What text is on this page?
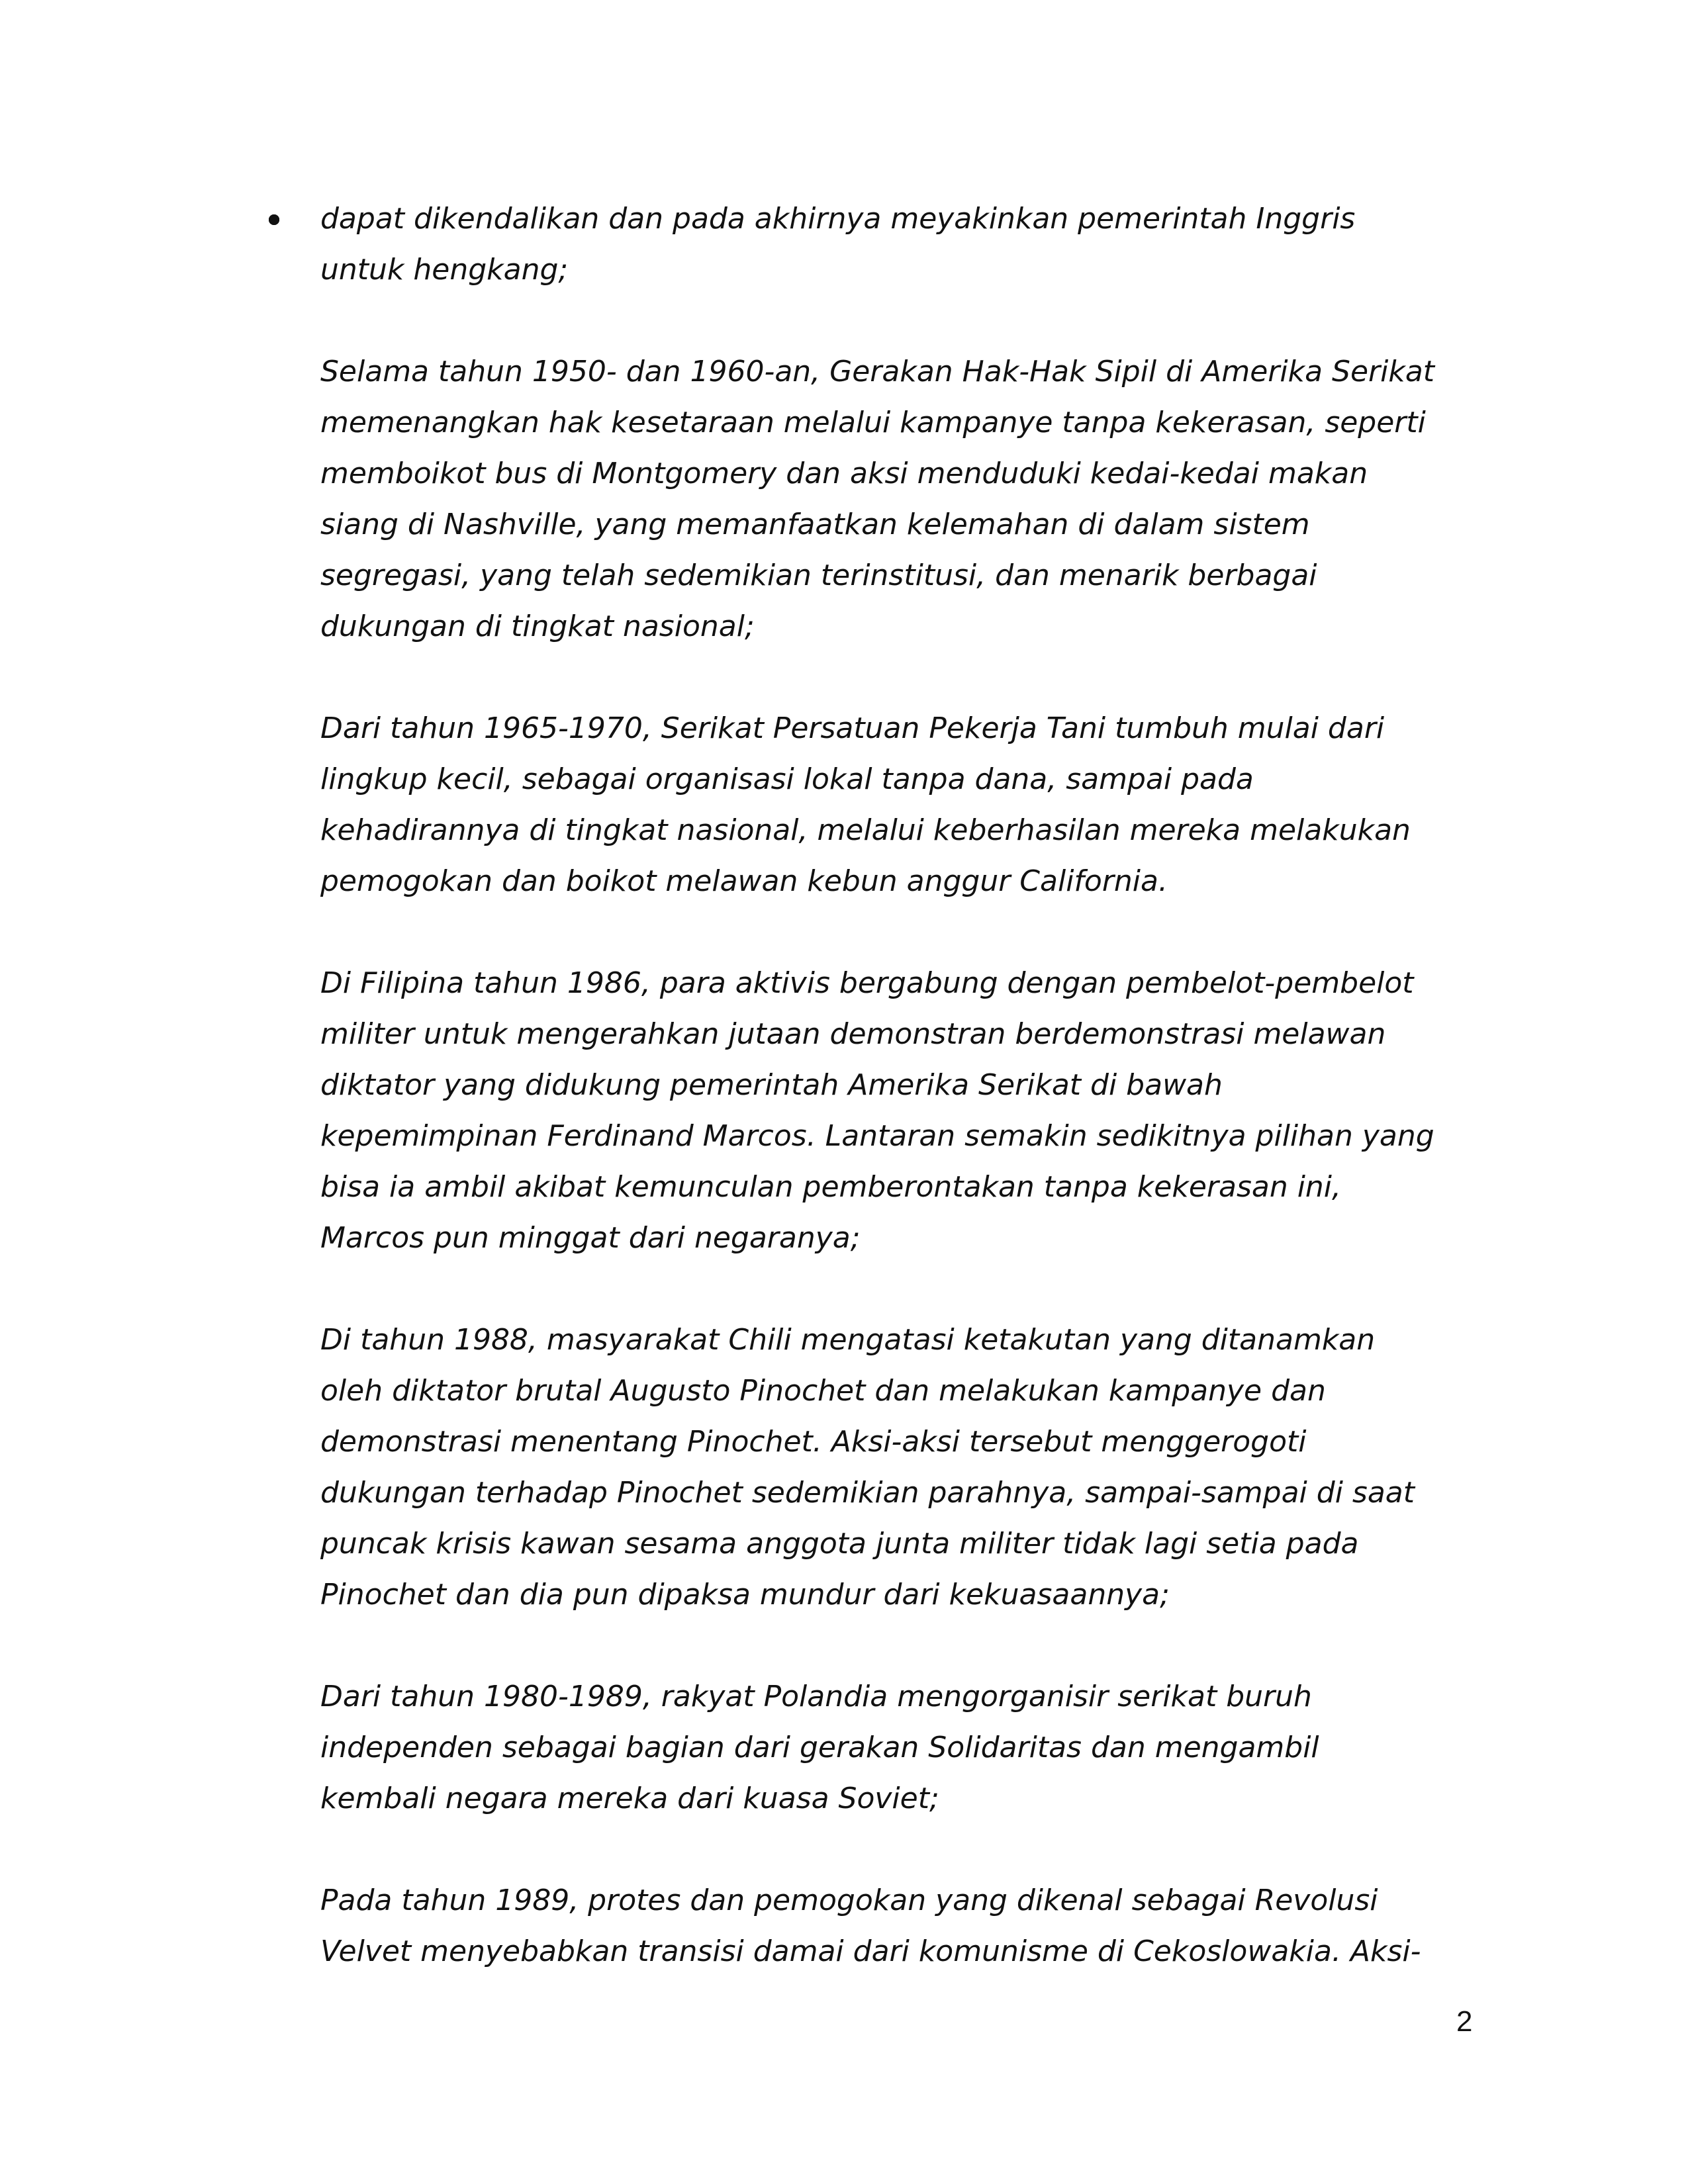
dapat dikendalikan dan pada akhirnya meyakinkan pemerintah Inggris untuk hengkang;

Selama tahun 1950- dan 1960-an, Gerakan Hak-Hak Sipil di Amerika Serikat memenangkan hak kesetaraan melalui kampanye tanpa kekerasan, seperti memboikot bus di Montgomery dan aksi menduduki kedai-kedai makan siang di Nashville, yang memanfaatkan kelemahan di dalam sistem segregasi, yang telah sedemikian terinstitusi, dan menarik berbagai dukungan di tingkat nasional;

Dari tahun 1965-1970, Serikat Persatuan Pekerja Tani tumbuh mulai dari lingkup kecil, sebagai organisasi lokal tanpa dana, sampai pada kehadirannya di tingkat nasional, melalui keberhasilan mereka melakukan pemogokan dan boikot melawan kebun anggur California.

Di Filipina tahun 1986, para aktivis bergabung dengan pembelot-pembelot militer untuk mengerahkan jutaan demonstran berdemonstrasi melawan diktator yang didukung pemerintah Amerika Serikat di bawah kepemimpinan Ferdinand Marcos. Lantaran semakin sedikitnya pilihan yang bisa ia ambil akibat kemunculan pemberontakan tanpa kekerasan ini, Marcos pun minggat dari negaranya;

Di tahun 1988, masyarakat Chili mengatasi ketakutan yang ditanamkan oleh diktator brutal Augusto Pinochet dan melakukan kampanye dan demonstrasi menentang Pinochet. Aksi-aksi tersebut menggerogoti dukungan terhadap Pinochet sedemikian parahnya, sampai-sampai di saat puncak krisis kawan sesama anggota junta militer tidak lagi setia pada Pinochet dan dia pun dipaksa mundur dari kekuasaannya;

Dari tahun 1980-1989, rakyat Polandia mengorganisir serikat buruh independen sebagai bagian dari gerakan Solidaritas dan mengambil kembali negara mereka dari kuasa Soviet;

Pada tahun 1989, protes dan pemogokan yang dikenal sebagai Revolusi Velvet menyebabkan transisi damai dari komunisme di Cekoslowakia. Aksi-

2
